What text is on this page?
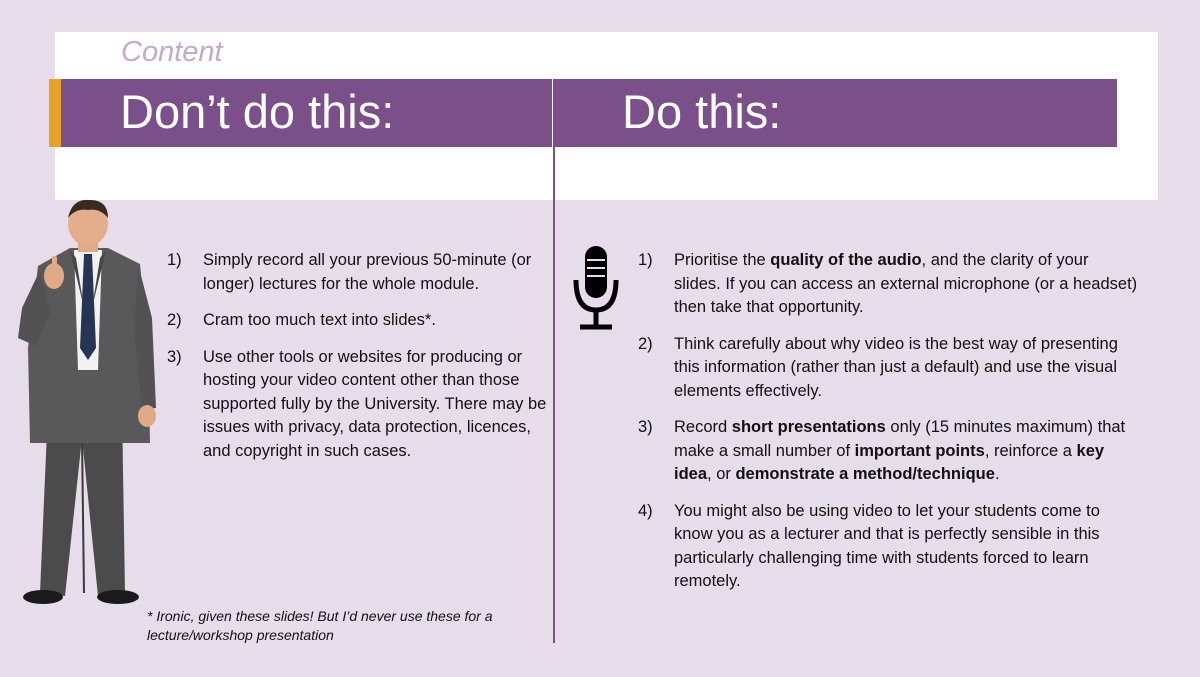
Content
Don’t do this:	Do this:
1) Simply record all your previous 50-minute (or longer) lectures for the whole module.
2) Cram too much text into slides*.
3) Use other tools or websites for producing or hosting your video content other than those supported fully by the University. There may be issues with privacy, data protection, licences, and copyright in such cases.
* Ironic, given these slides! But I’d never use these for a lecture/workshop presentation
1) Prioritise the quality of the audio, and the clarity of your slides. If you can access an external microphone (or a headset) then take that opportunity.
2) Think carefully about why video is the best way of presenting this information (rather than just a default) and use the visual elements effectively.
3) Record short presentations only (15 minutes maximum) that make a small number of important points, reinforce a key idea, or demonstrate a method/technique.
4) You might also be using video to let your students come to know you as a lecturer and that is perfectly sensible in this particularly challenging time with students forced to learn remotely.
